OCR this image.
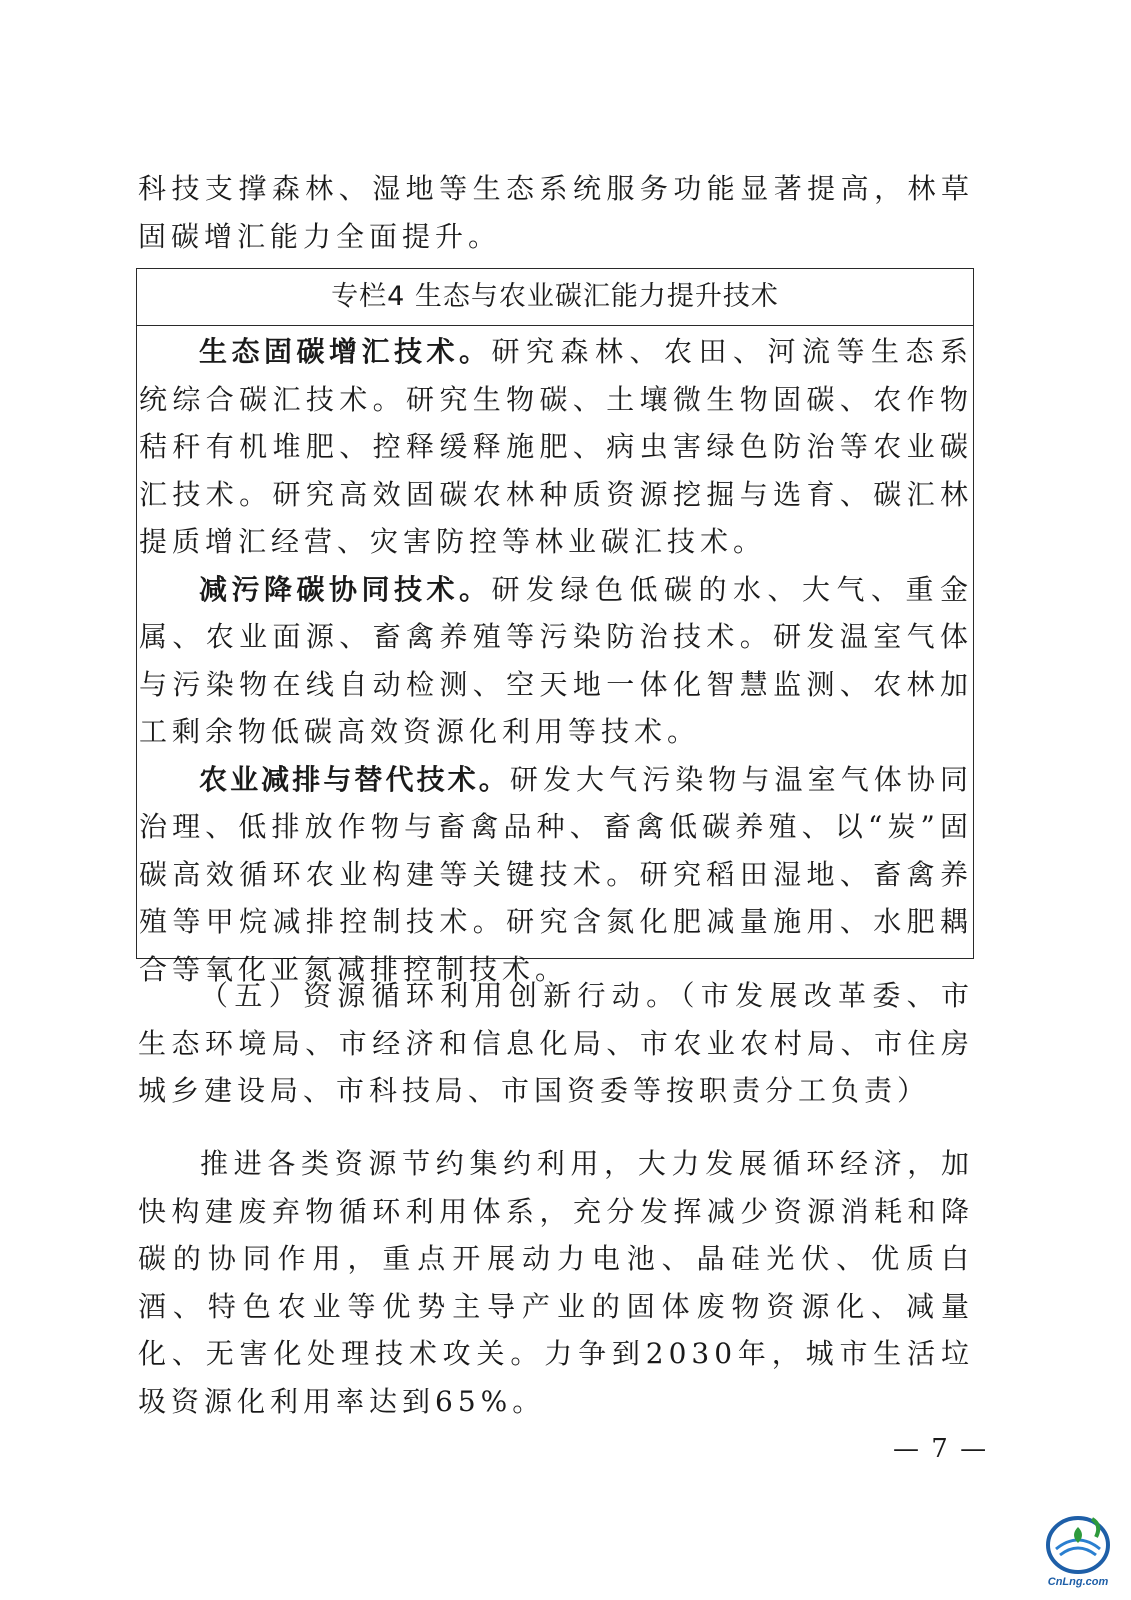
科技支撑森林、湿地等生态系统服务功能显著提高，林草固碳增汇能力全面提升。

专栏4 生态与农业碳汇能力提升技术

生态固碳增汇技术。研究森林、农田、河流等生态系统综合碳汇技术。研究生物碳、土壤微生物固碳、农作物秸秆有机堆肥、控释缓释施肥、病虫害绿色防治等农业碳汇技术。研究高效固碳农林种质资源挖掘与选育、碳汇林提质增汇经营、灾害防控等林业碳汇技术。

减污降碳协同技术。研发绿色低碳的水、大气、重金属、农业面源、畜禽养殖等污染防治技术。研发温室气体与污染物在线自动检测、空天地一体化智慧监测、农林加工剩余物低碳高效资源化利用等技术。

农业减排与替代技术。研发大气污染物与温室气体协同治理、低排放作物与畜禽品种、畜禽低碳养殖、以“炭”固碳高效循环农业构建等关键技术。研究稻田湿地、畜禽养殖等甲烷减排控制技术。研究含氮化肥减量施用、水肥耦合等氧化亚氮减排控制技术。

（五）资源循环利用创新行动。（市发展改革委、市生态环境局、市经济和信息化局、市农业农村局、市住房城乡建设局、市科技局、市国资委等按职责分工负责）

推进各类资源节约集约利用，大力发展循环经济，加快构建废弃物循环利用体系，充分发挥减少资源消耗和降碳的协同作用，重点开展动力电池、晶硅光伏、优质白酒、特色农业等优势主导产业的固体废物资源化、减量化、无害化处理技术攻关。力争到2030年，城市生活垃圾资源化利用率达到65%。

— 7 —
CnLng.com
